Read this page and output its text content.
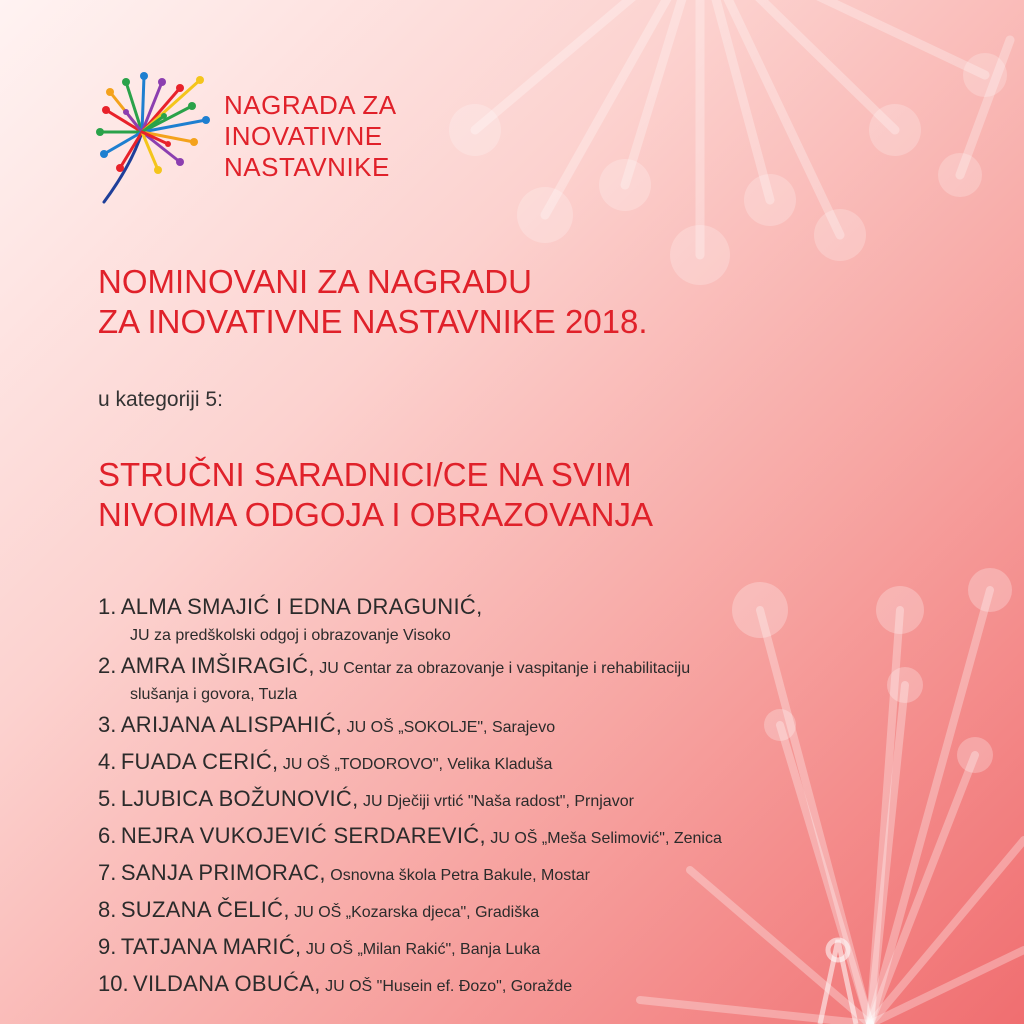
NAGRADA ZA
INOVATIVNE
NASTAVNIKE
NOMINOVANI ZA NAGRADU
ZA INOVATIVNE NASTAVNIKE 2018.
u kategoriji 5:
STRUČNI SARADNICI/CE NA SVIM
NIVOIMA ODGOJA I OBRAZOVANJA
1. ALMA SMAJIĆ I EDNA DRAGUNIĆ,
JU za predškolski odgoj i obrazovanje Visoko
2. AMRA IMŠIRAGIĆ, JU Centar za obrazovanje i vaspitanje i rehabilitaciju
slušanja i govora, Tuzla
3. ARIJANA ALISPAHIĆ, JU OŠ „SOKOLJE", Sarajevo
4. FUADA CERIĆ, JU OŠ „TODOROVO", Velika Kladuša
5. LJUBICA BOŽUNOVIĆ, JU Dječiji vrtić "Naša radost", Prnjavor
6. NEJRA VUKOJEVIĆ SERDAREVIĆ, JU OŠ „Meša Selimović", Zenica
7. SANJA PRIMORAC, Osnovna škola Petra Bakule, Mostar
8. SUZANA ČELIĆ, JU OŠ „Kozarska djeca", Gradiška
9. TATJANA MARIĆ, JU OŠ „Milan Rakić", Banja Luka
10. VILDANA OBUĆA, JU OŠ "Husein ef. Đozo", Goražde
